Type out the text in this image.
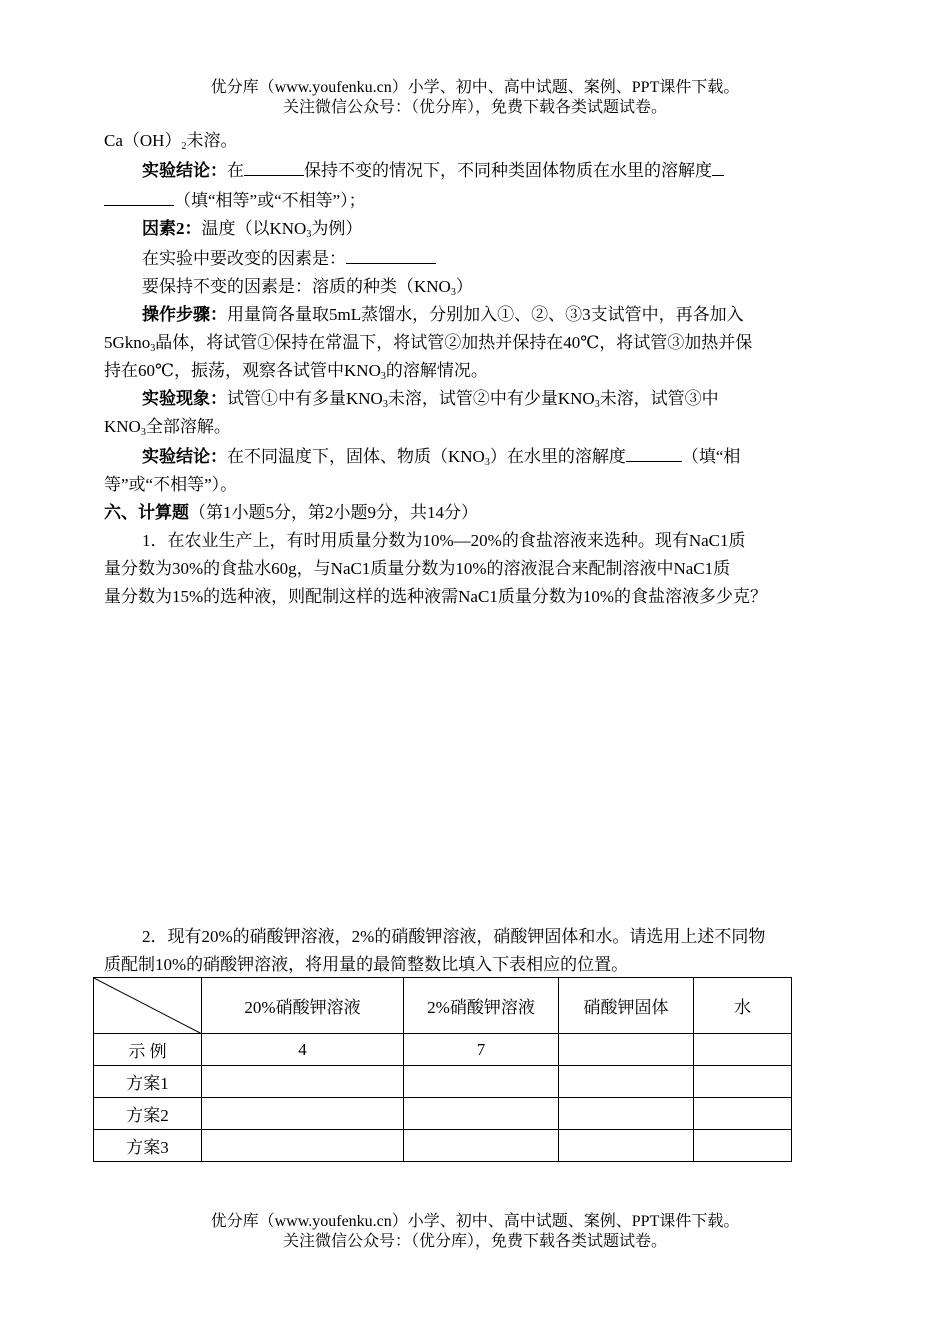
优分库（www.youfenku.cn）小学、初中、高中试题、案例、PPT课件下载。
关注微信公众号：（优分库），免费下载各类试题试卷。
$Ca(OH)_2$未溶。
实验结论：在	保持不变的情况下，不同种类固体物质在水里的溶解度
（填“相等”或“不相等”）；
因素2：温度（以$KNO_3$为例）
在实验中要改变的因素是：
要保持不变的因素是：溶质的种类$(KNO_3)$
操作步骤：用量筒各量取5mL蒸馏水，分别加入①、②、③3支试管中，再各加入
5Gkno$_3$晶体，将试管①保持在常温下，将试管②加热并保持在40℃，将试管③加热并保
持在60℃，振荡，观察各试管中$KNO_3$的溶解情况。
实验现象：试管①中有多量$KNO_3$未溶，试管②中有少量$KNO_3$未溶，试管③中
$KNO_3$全部溶解。
实验结论：在不同温度下，固体、物质$(KNO_3)$在水里的溶解度	（填“相
等”或“不相等”）。
六、计算题（第1小题5分，第2小题9分，共14分）
1．在农业生产上，有时用质量分数为10%—20%的食盐溶液来选种。现有NaC1质
量分数为30%的食盐水60g，与NaC1质量分数为10%的溶液混合来配制溶液中NaC1质
量分数为15%的选种液，则配制这样的选种液需NaC1质量分数为10%的食盐溶液多少克？
2．现有20%的硝酸钾溶液，2%的硝酸钾溶液，硝酸钾固体和水。请选用上述不同物
质配制10%的硝酸钾溶液，将用量的最简整数比填入下表相应的位置。
	20%硝酸钾溶液	2%硝酸钾溶液	硝酸钾固体	水
示 例	4	7		
方案1				
方案2				
方案3				
优分库（www.youfenku.cn）小学、初中、高中试题、案例、PPT课件下载。
关注微信公众号：（优分库），免费下载各类试题试卷。
